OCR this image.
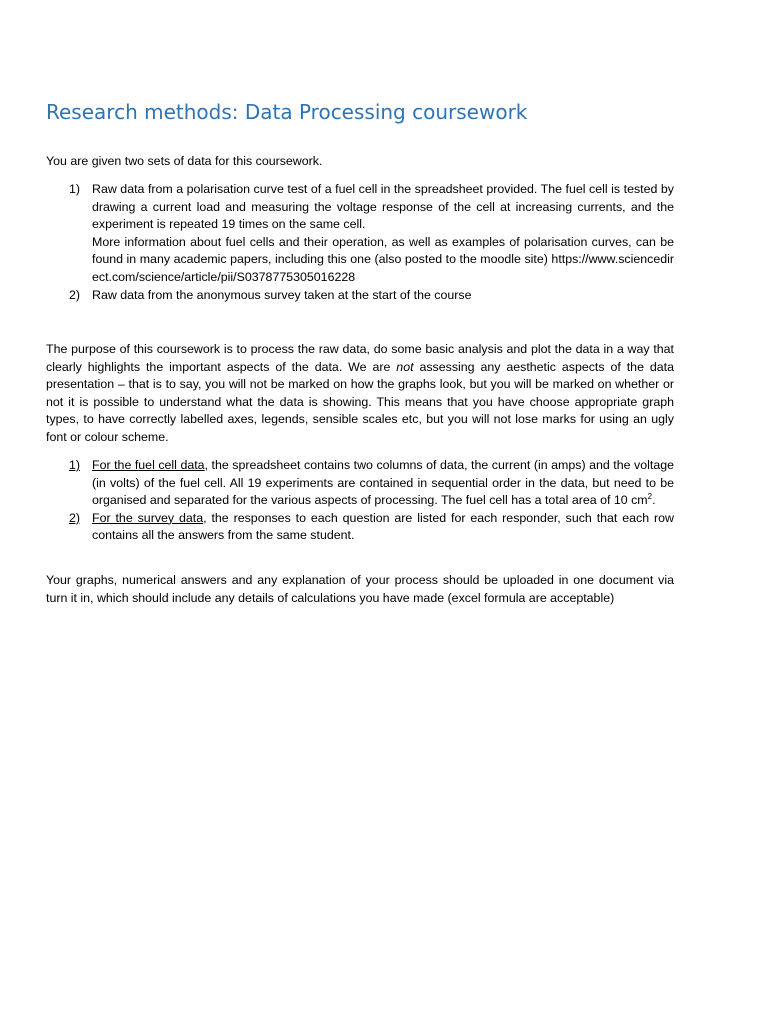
Research methods: Data Processing coursework

You are given two sets of data for this coursework.

1) Raw data from a polarisation curve test of a fuel cell in the spreadsheet provided. The fuel cell is tested by drawing a current load and measuring the voltage response of the cell at increasing currents, and the experiment is repeated 19 times on the same cell.
More information about fuel cells and their operation, as well as examples of polarisation curves, can be found in many academic papers, including this one (also posted to the moodle site) https://www.sciencedirect.com/science/article/pii/S0378775305016228
2) Raw data from the anonymous survey taken at the start of the course

The purpose of this coursework is to process the raw data, do some basic analysis and plot the data in a way that clearly highlights the important aspects of the data. We are not assessing any aesthetic aspects of the data presentation – that is to say, you will not be marked on how the graphs look, but you will be marked on whether or not it is possible to understand what the data is showing. This means that you have choose appropriate graph types, to have correctly labelled axes, legends, sensible scales etc, but you will not lose marks for using an ugly font or colour scheme.

1) For the fuel cell data, the spreadsheet contains two columns of data, the current (in amps) and the voltage (in volts) of the fuel cell. All 19 experiments are contained in sequential order in the data, but need to be organised and separated for the various aspects of processing. The fuel cell has a total area of 10 $cm^2$.
2) For the survey data, the responses to each question are listed for each responder, such that each row contains all the answers from the same student.

Your graphs, numerical answers and any explanation of your process should be uploaded in one document via turn it in, which should include any details of calculations you have made (excel formula are acceptable)
